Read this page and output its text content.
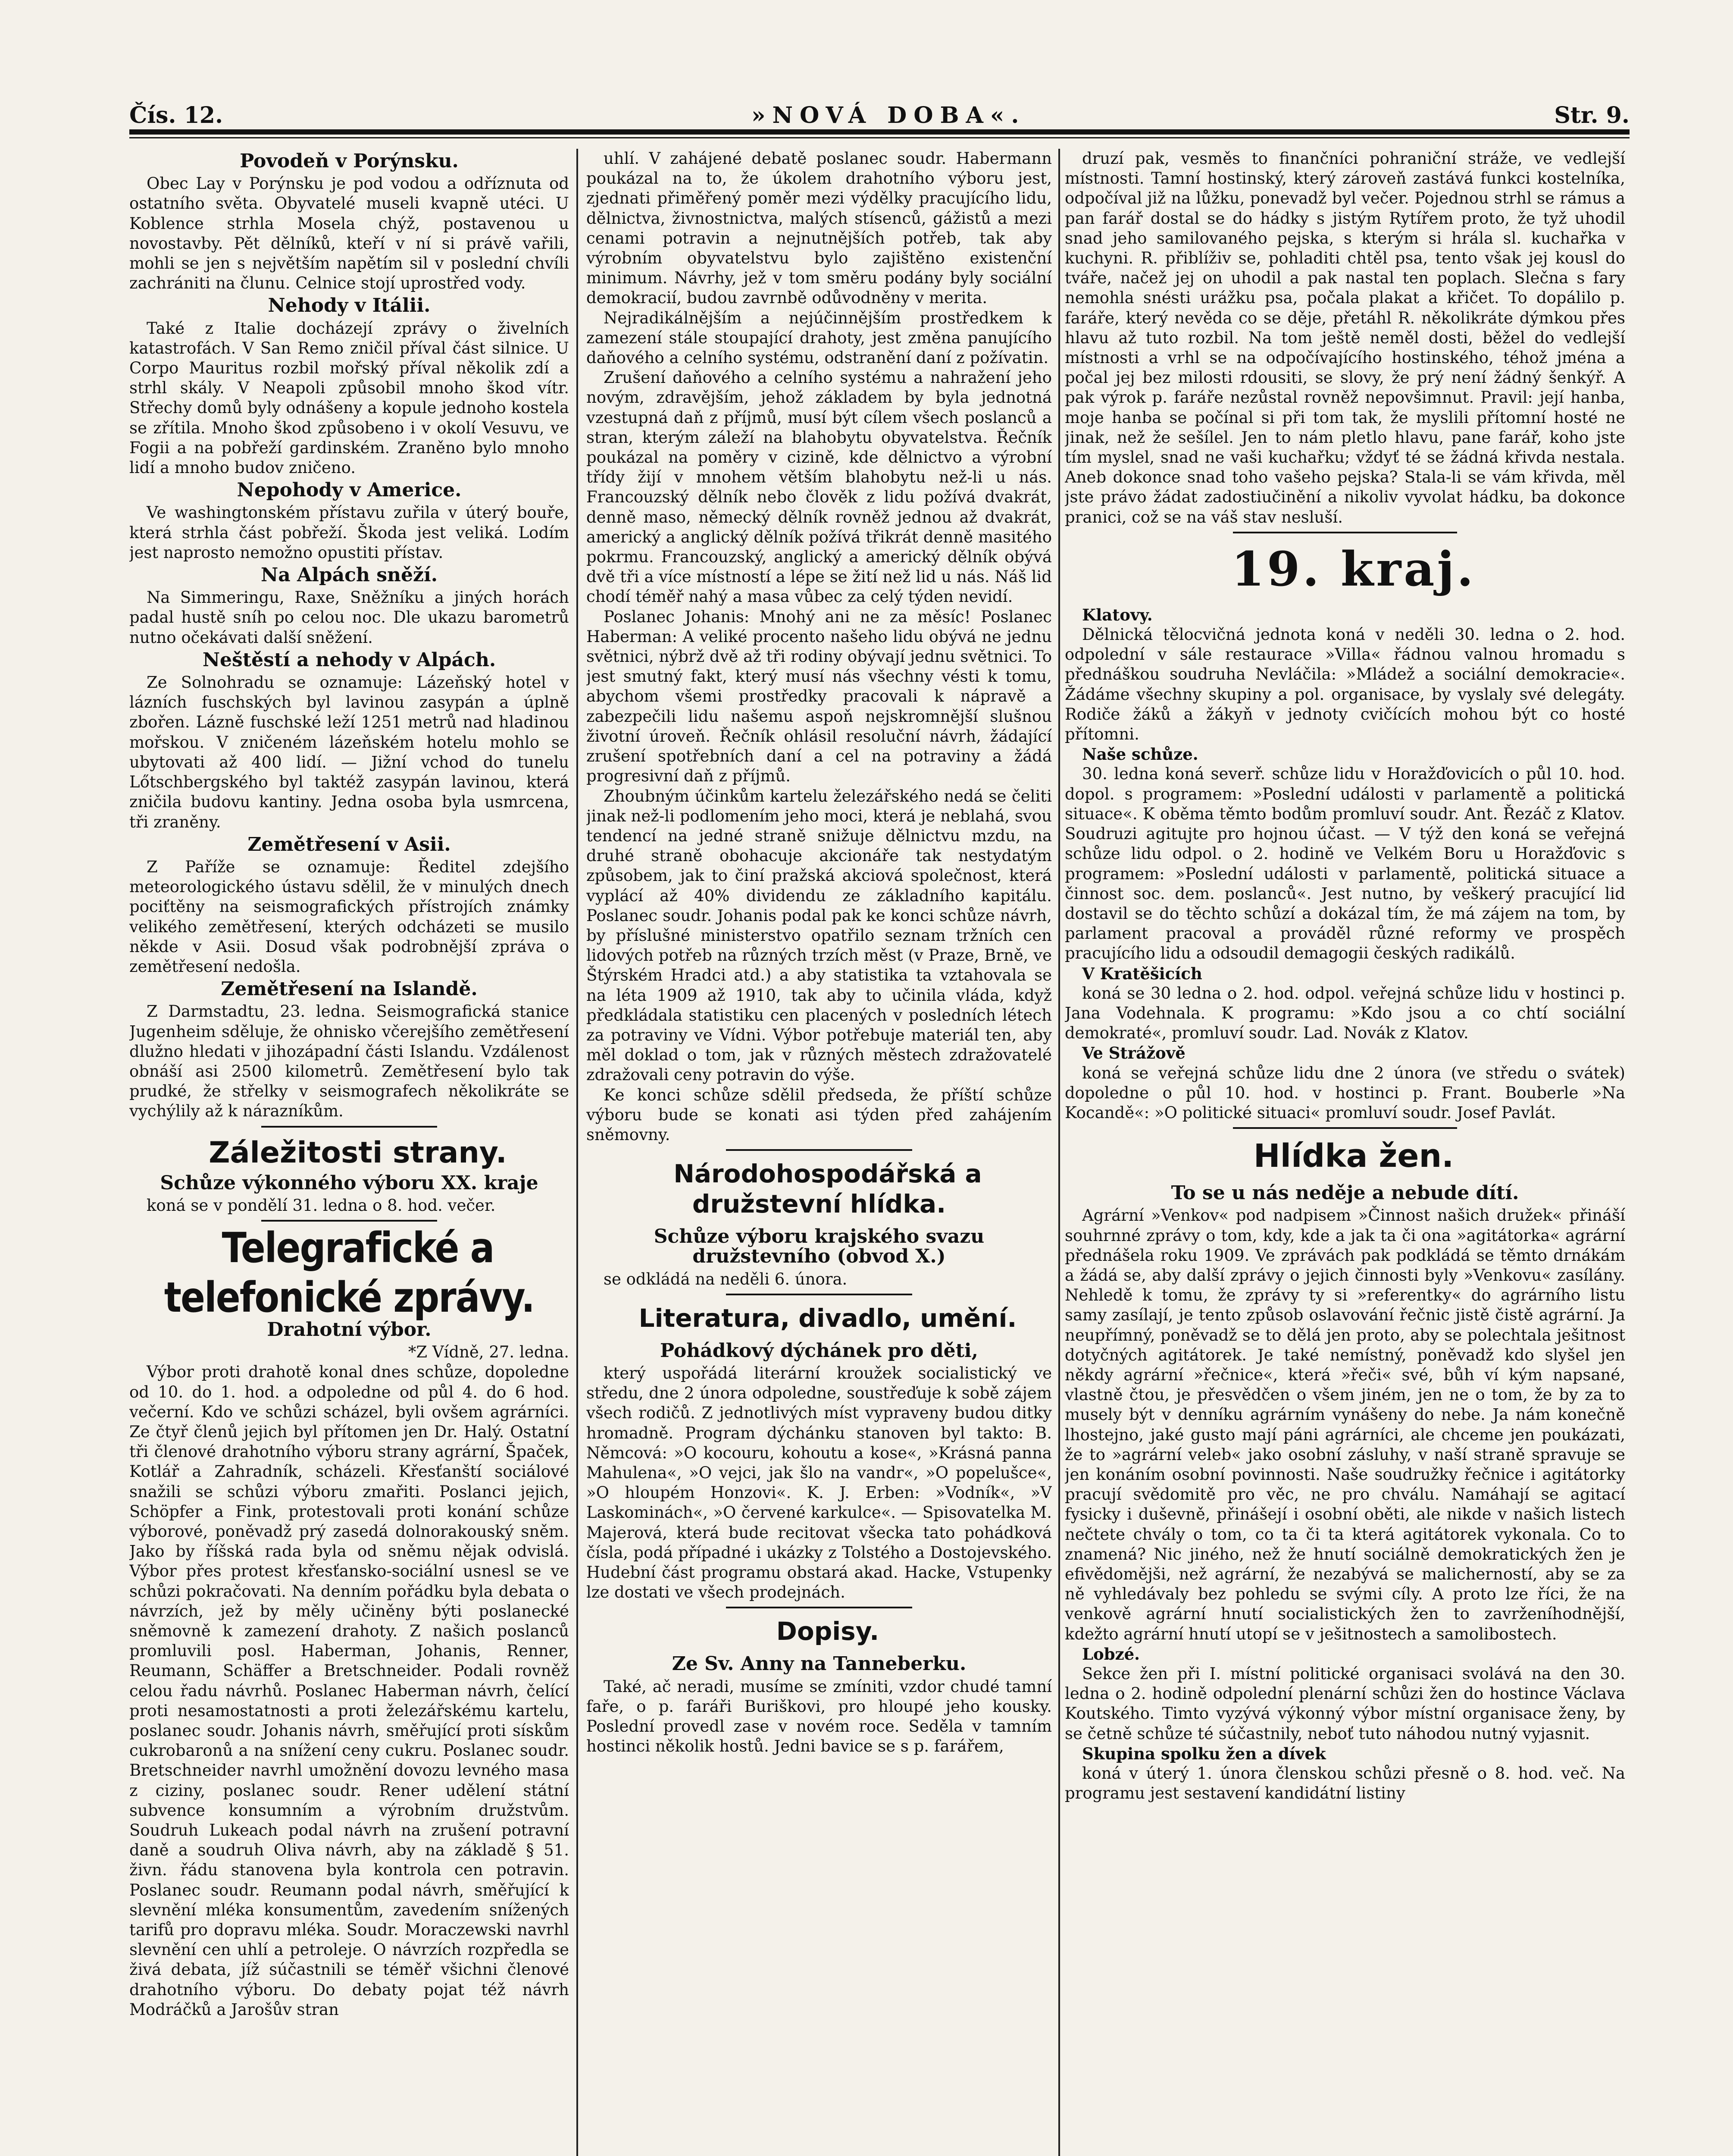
Čís. 12.	»NOVÁ DOBA«.	Str. 9.

Povodeň v Porýnsku.

Obec Lay v Porýnsku je pod vodou a odříznuta od ostatního světa. Obyvatelé museli kvapně utéci. U Koblence strhla Mosela chýž, postavenou u novostavby. Pět dělníků, kteří v ní si právě vařili, mohli se jen s největším napětím sil v poslední chvíli zachrániti na člunu. Celnice stojí uprostřed vody.

Nehody v Itálii.

Také z Italie docházejí zprávy o živelních katastrofách. V San Remo zničil příval část silnice. U Corpo Mauritus rozbil mořský příval několik zdí a strhl skály. V Neapoli způsobil mnoho škod vítr. Střechy domů byly odnášeny a kopule jednoho kostela se zřítila. Mnoho škod způsobeno i v okolí Vesuvu, ve Fogii a na pobřeží gardinském. Zraněno bylo mnoho lidí a mnoho budov zničeno.

Nepohody v Americe.

Ve washingtonském přístavu zuřila v úterý bouře, která strhla část pobřeží. Škoda jest veliká. Lodím jest naprosto nemožno opustiti přístav.

Na Alpách sněží.

Na Simmeringu, Raxe, Sněžníku a jiných horách padal hustě sníh po celou noc. Dle ukazu barometrů nutno očekávati další sněžení.

Neštěstí a nehody v Alpách.

Ze Solnohradu se oznamuje: Lázeňský hotel v lázních fuschských byl lavinou zasypán a úplně zbořen. Lázně fuschské leží 1251 metrů nad hladinou mořskou. V zničeném lázeňském hotelu mohlo se ubytovati až 400 lidí. — Jižní vchod do tunelu Lőtschbergského byl taktéž zasypán lavinou, která zničila budovu kantiny. Jedna osoba byla usmrcena, tři zraněny.

Zemětřesení v Asii.

Z Paříže se oznamuje: Ředitel zdejšího meteorologického ústavu sdělil, že v minulých dnech pociťtěny na seismografických přístrojích známky velikého zemětřesení, kterých odcházeti se musilo někde v Asii. Dosud však podrobnější zpráva o zemětřesení nedošla.

Zemětřesení na Islandě.

Z Darmstadtu, 23. ledna. Seismografická stanice Jugenheim sděluje, že ohnisko včerejšího zemětřesení dlužno hledati v jihozápadní části Islandu. Vzdálenost obnáší asi 2500 kilometrů. Zemětřesení bylo tak prudké, že střelky v seismografech několikráte se vychýlily až k nárazníkům.

Záležitosti strany.

Schůze výkonného výboru XX. kraje

koná se v pondělí 31. ledna o 8. hod. večer.

Telegrafické a telefonické zprávy.

Drahotní výbor.

*Z Vídně, 27. ledna.

Výbor proti drahotě konal dnes schůze, dopoledne od 10. do 1. hod. a odpoledne od půl 4. do 6 hod. večerní. Kdo ve schůzi scházel, byli ovšem agrárníci. Ze čtyř členů jejich byl přítomen jen Dr. Halý. Ostatní tři členové drahotního výboru strany agrární, Špaček, Kotlář a Zahradník, scházeli. Křesťanští sociálové snažili se schůzi výboru zmařiti. Poslanci jejich, Schöpfer a Fink, protestovali proti konání schůze výborové, poněvadž prý zasedá dolnorakouský sněm. Jako by říšská rada byla od sněmu nějak odvislá. Výbor přes protest křesťansko-sociální usnesl se ve schůzi pokračovati. Na denním pořádku byla debata o návrzích, jež by měly učiněny býti poslanecké sněmovně k zamezení drahoty. Z našich poslanců promluvili posl. Haberman, Johanis, Renner, Reumann, Schäffer a Bretschneider. Podali rovněž celou řadu návrhů. Poslanec Haberman návrh, čelící proti nesamostatnosti a proti železářskému kartelu, poslanec soudr. Johanis návrh, směřující proti sískům cukrobaronů a na snížení ceny cukru. Poslanec soudr. Bretschneider navrhl umožnění dovozu levného masa z ciziny, poslanec soudr. Rener udělení státní subvence konsumním a výrobním družstvům. Soudruh Lukeach podal návrh na zrušení potravní daně a soudruh Oliva návrh, aby na základě § 51. živn. řádu stanovena byla kontrola cen potravin. Poslanec soudr. Reumann podal návrh, směřující k slevnění mléka konsumentům, zavedením snížených tarifů pro dopravu mléka. Soudr. Moraczewski navrhl slevnění cen uhlí a petroleje. O návrzích rozpředla se živá debata, jíž súčastnili se téměř všichni členové drahotního výboru. Do debaty pojat též návrh Modráčků a Jarošův stran

uhlí. V zahájené debatě poslanec soudr. Habermann poukázal na to, že úkolem drahotního výboru jest, zjednati přiměřený poměr mezi výdělky pracujícího lidu, dělnictva, živnostnictva, malých stísenců, gážistů a mezi cenami potravin a nejnutnějších potřeb, tak aby výrobním obyvatelstvu bylo zajištěno existenční minimum. Návrhy, jež v tom směru podány byly sociální demokracií, budou zavrnbě odůvodněny v merita.

Nejradikálnějším a nejúčinnějším prostředkem k zamezení stále stoupající drahoty, jest změna panujícího daňového a celního systému, odstranění daní z požívatin.

Zrušení daňového a celního systému a nahražení jeho novým, zdravějším, jehož základem by byla jednotná vzestupná daň z příjmů, musí být cílem všech poslanců a stran, kterým záleží na blahobytu obyvatelstva. Řečník poukázal na poměry v cizině, kde dělnictvo a výrobní třídy žijí v mnohem větším blahobytu než-li u nás. Francouzský dělník nebo člověk z lidu požívá dvakrát, denně maso, německý dělník rovněž jednou až dvakrát, americký a anglický dělník požívá třikrát denně masitého pokrmu. Francouzský, anglický a americký dělník obývá dvě tři a více místností a lépe se žití než lid u nás. Náš lid chodí téměř nahý a masa vůbec za celý týden nevidí.

Poslanec Johanis: Mnohý ani ne za měsíc! Poslanec Haberman: A veliké procento našeho lidu obývá ne jednu světnici, nýbrž dvě až tři rodiny obývají jednu světnici. To jest smutný fakt, který musí nás všechny vésti k tomu, abychom všemi prostředky pracovali k nápravě a zabezpečili lidu našemu aspoň nejskromnější slušnou životní úroveň. Řečník ohlásil resoluční návrh, žádající zrušení spotřebních daní a cel na potraviny a žádá progresivní daň z příjmů.

Zhoubným účinkům kartelu železářského nedá se čeliti jinak než-li podlomením jeho moci, která je neblahá, svou tendencí na jedné straně snižuje dělnictvu mzdu, na druhé straně obohacuje akcionáře tak nestydatým způsobem, jak to činí pražská akciová společnost, která vyplácí až 40% dividendu ze základního kapitálu. Poslanec soudr. Johanis podal pak ke konci schůze návrh, by příslušné ministerstvo opatřilo seznam tržních cen lidových potřeb na různých trzích měst (v Praze, Brně, ve Štýrském Hradci atd.) a aby statistika ta vztahovala se na léta 1909 až 1910, tak aby to učinila vláda, když předkládala statistiku cen placených v posledních létech za potraviny ve Vídni. Výbor potřebuje materiál ten, aby měl doklad o tom, jak v různých městech zdražovatelé zdražovali ceny potravin do výše.

Ke konci schůze sdělil předseda, že příští schůze výboru bude se konati asi týden před zahájením sněmovny.

Národohospodářská a družstevní hlídka.

Schůze výboru krajského svazu družstevního (obvod X.)

se odkládá na neděli 6. února.

Literatura, divadlo, umění.

Pohádkový dýchánek pro děti,

který uspořádá literární kroužek socialistický ve středu, dne 2 února odpoledne, soustřeďuje k sobě zájem všech rodičů. Z jednotlivých míst vypraveny budou ditky hromadně. Program dýchánku stanoven byl takto: B. Němcová: »O kocouru, kohoutu a kose«, »Krásná panna Mahulena«, »O vejci, jak šlo na vandr«, »O popelušce«, »O hloupém Honzovi«. K. J. Erben: »Vodník«, »V Laskominách«, »O červené karkulce«. — Spisovatelka M. Majerová, která bude recitovat všecka tato pohádková čísla, podá případné i ukázky z Tolstého a Dostojevského. Hudební část programu obstará akad. Hacke, Vstupenky lze dostati ve všech prodejnách.

Dopisy.

Ze Sv. Anny na Tanneberku.

Také, ač neradi, musíme se zmíniti, vzdor chudé tamní faře, o p. faráři Buriškovi, pro hloupé jeho kousky. Poslední provedl zase v novém roce. Seděla v tamním hostinci několik hostů. Jedni bavice se s p. farářem,

druzí pak, vesměs to finančníci pohraniční stráže, ve vedlejší místnosti. Tamní hostinský, který zároveň zastává funkci kostelníka, odpočíval již na lůžku, ponevadž byl večer. Pojednou strhl se rámus a pan farář dostal se do hádky s jistým Rytířem proto, že tyž uhodil snad jeho samilovaného pejska, s kterým si hrála sl. kuchařka v kuchyni. R. přiblíživ se, pohladiti chtěl psa, tento však jej kousl do tváře, načež jej on uhodil a pak nastal ten poplach. Slečna s fary nemohla snésti urážku psa, počala plakat a křičet. To dopálilo p. faráře, který nevěda co se děje, přetáhl R. několikráte dýmkou přes hlavu až tuto rozbil. Na tom ještě neměl dosti, běžel do vedlejší místnosti a vrhl se na odpočívajícího hostinského, téhož jména a počal jej bez milosti rdousiti, se slovy, že prý není žádný šenkýř. A pak výrok p. faráře nezůstal rovněž nepovšimnut. Pravil: její hanba, moje hanba se počínal si při tom tak, že myslili přítomní hosté ne jinak, než že sešílel. Jen to nám pletlo hlavu, pane farář, koho jste tím myslel, snad ne vaši kuchařku; vždyť té se žádná křivda nestala. Aneb dokonce snad toho vašeho pejska? Stala-li se vám křivda, měl jste právo žádat zadostiučinění a nikoliv vyvolat hádku, ba dokonce pranici, což se na váš stav nesluší.

19. kraj.

Klatovy.

Dělnická tělocvičná jednota koná v neděli 30. ledna o 2. hod. odpolední v sále restaurace »Villa« řádnou valnou hromadu s přednáškou soudruha Nevláčila: »Mládež a sociální demokracie«. Žádáme všechny skupiny a pol. organisace, by vyslaly své delegáty. Rodiče žáků a žákyň v jednoty cvičících mohou být co hosté přítomni.

Naše schůze.

30. ledna koná severř. schůze lidu v Horažďovicích o půl 10. hod. dopol. s programem: »Poslední události v parlamentě a politická situace«. K oběma těmto bodům promluví soudr. Ant. Řezáč z Klatov. Soudruzi agitujte pro hojnou účast. — V týž den koná se veřejná schůze lidu odpol. o 2. hodině ve Velkém Boru u Horažďovic s programem: »Poslední události v parlamentě, politická situace a činnost soc. dem. poslanců«. Jest nutno, by veškerý pracující lid dostavil se do těchto schůzí a dokázal tím, že má zájem na tom, by parlament pracoval a prováděl různé reformy ve prospěch pracujícího lidu a odsoudil demagogii českých radikálů.

V Kratěšicích

koná se 30 ledna o 2. hod. odpol. veřejná schůze lidu v hostinci p. Jana Vodehnala. K programu: »Kdo jsou a co chtí sociální demokraté«, promluví soudr. Lad. Novák z Klatov.

Ve Strážově

koná se veřejná schůze lidu dne 2 února (ve středu o svátek) dopoledne o půl 10. hod. v hostinci p. Frant. Bouberle »Na Kocandě«: »O politické situaci« promluví soudr. Josef Pavlát.

Hlídka žen.

To se u nás neděje a nebude dítí.

Agrární »Venkov« pod nadpisem »Činnost našich družek« přináší souhrnné zprávy o tom, kdy, kde a jak ta či ona »agitátorka« agrární přednášela roku 1909. Ve zprávách pak podkládá se těmto drnákám a žádá se, aby další zprávy o jejich činnosti byly »Venkovu« zasílány. Nehledě k tomu, že zprávy ty si »referentky« do agrárního listu samy zasílají, je tento způsob oslavování řečnic jistě čistě agrární. Ja neupřímný, poněvadž se to dělá jen proto, aby se polechtala ješitnost dotyčných agitátorek. Je také nemístný, poněvadž kdo slyšel jen někdy agrární »řečnice«, která »řeči« své, bůh ví kým napsané, vlastně čtou, je přesvědčen o všem jiném, jen ne o tom, že by za to musely být v denníku agrárním vynášeny do nebe. Ja nám konečně lhostejno, jaké gusto mají páni agrárníci, ale chceme jen poukázati, že to »agrární veleb« jako osobní zásluhy, v naší straně spravuje se jen konáním osobní povinnosti. Naše soudružky řečnice i agitátorky pracují svědomitě pro věc, ne pro chválu. Namáhají se agitací fysicky i duševně, přinášejí i osobní oběti, ale nikde v našich listech nečtete chvály o tom, co ta či ta která agitátorek vykonala. Co to znamená? Nic jiného, než že hnutí sociálně demokratických žen je efivědomějši, než agrární, že nezabývá se malicherností, aby se za ně vyhledávaly bez pohledu se svými cíly. A proto lze říci, že na venkově agrární hnutí socialistických žen to zavrženíhodnější, kdežto agrární hnutí utopí se v ješitnostech a samolibostech.

Lobzé.

Sekce žen při I. místní politické organisaci svolává na den 30. ledna o 2. hodině odpolední plenární schůzi žen do hostince Václava Koutského. Timto vyzývá výkonný výbor místní organisace ženy, by se četně schůze té súčastnily, neboť tuto náhodou nutný vyjasnit.

Skupina spolku žen a dívek

koná v úterý 1. února členskou schůzi přesně o 8. hod. več. Na programu jest sestavení kandidátní listiny
